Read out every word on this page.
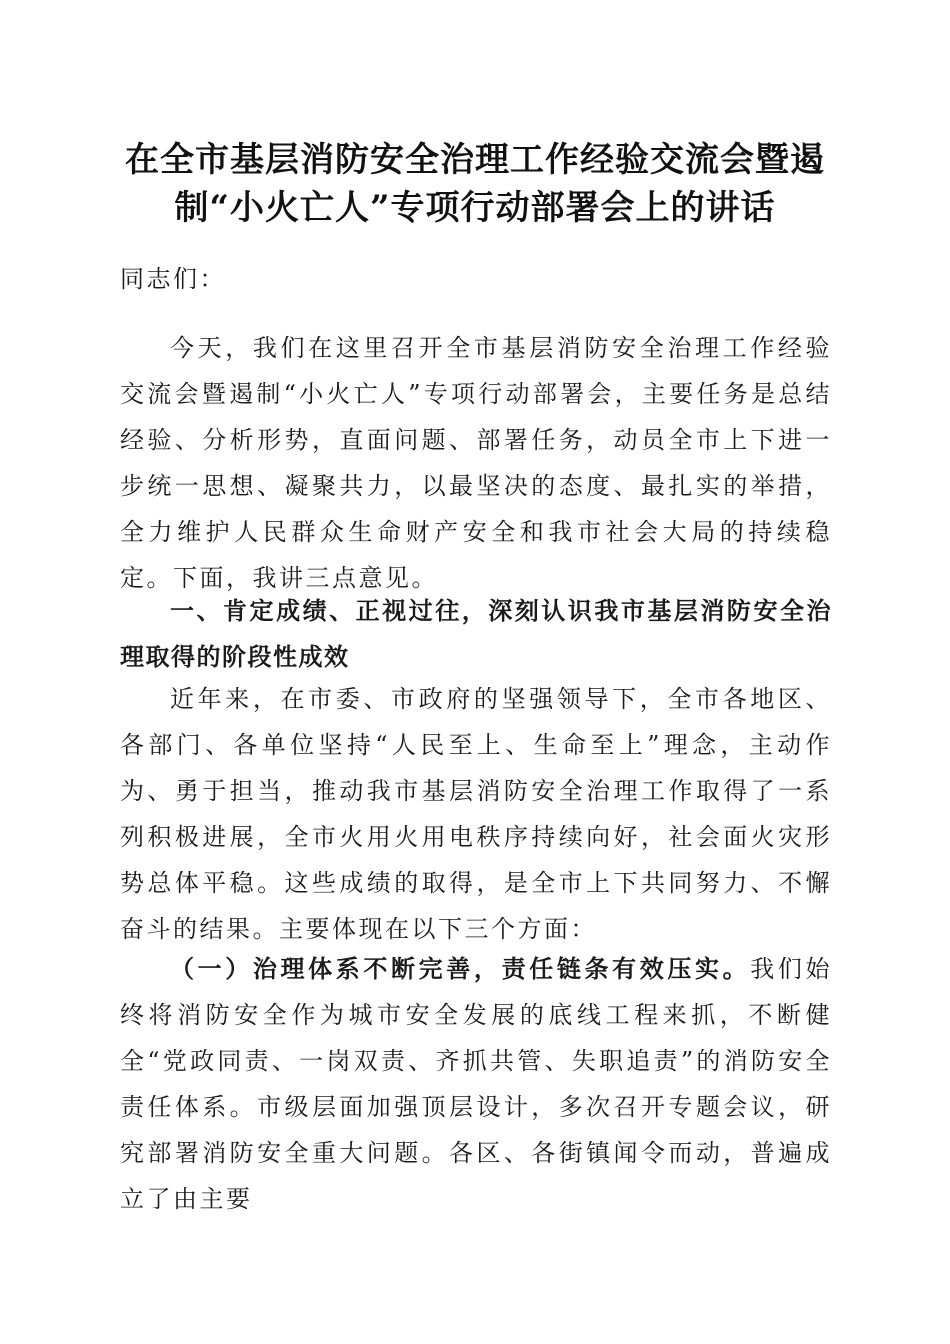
在全市基层消防安全治理工作经验交流会暨遏
制“小火亡人”专项行动部署会上的讲话

同志们：

今天，我们在这里召开全市基层消防安全治理工作经验交流会暨遏制“小火亡人”专项行动部署会，主要任务是总结经验、分析形势，直面问题、部署任务，动员全市上下进一步统一思想、凝聚共力，以最坚决的态度、最扎实的举措，全力维护人民群众生命财产安全和我市社会大局的持续稳定。下面，我讲三点意见。

一、肯定成绩、正视过往，深刻认识我市基层消防安全治理取得的阶段性成效

近年来，在市委、市政府的坚强领导下，全市各地区、各部门、各单位坚持“人民至上、生命至上”理念，主动作为、勇于担当，推动我市基层消防安全治理工作取得了一系列积极进展，全市火用火用电秩序持续向好，社会面火灾形势总体平稳。这些成绩的取得，是全市上下共同努力、不懈奋斗的结果。主要体现在以下三个方面：

（一）治理体系不断完善，责任链条有效压实。我们始终将消防安全作为城市安全发展的底线工程来抓，不断健全“党政同责、一岗双责、齐抓共管、失职追责”的消防安全责任体系。市级层面加强顶层设计，多次召开专题会议，研究部署消防安全重大问题。各区、各街镇闻令而动，普遍成立了由主要
